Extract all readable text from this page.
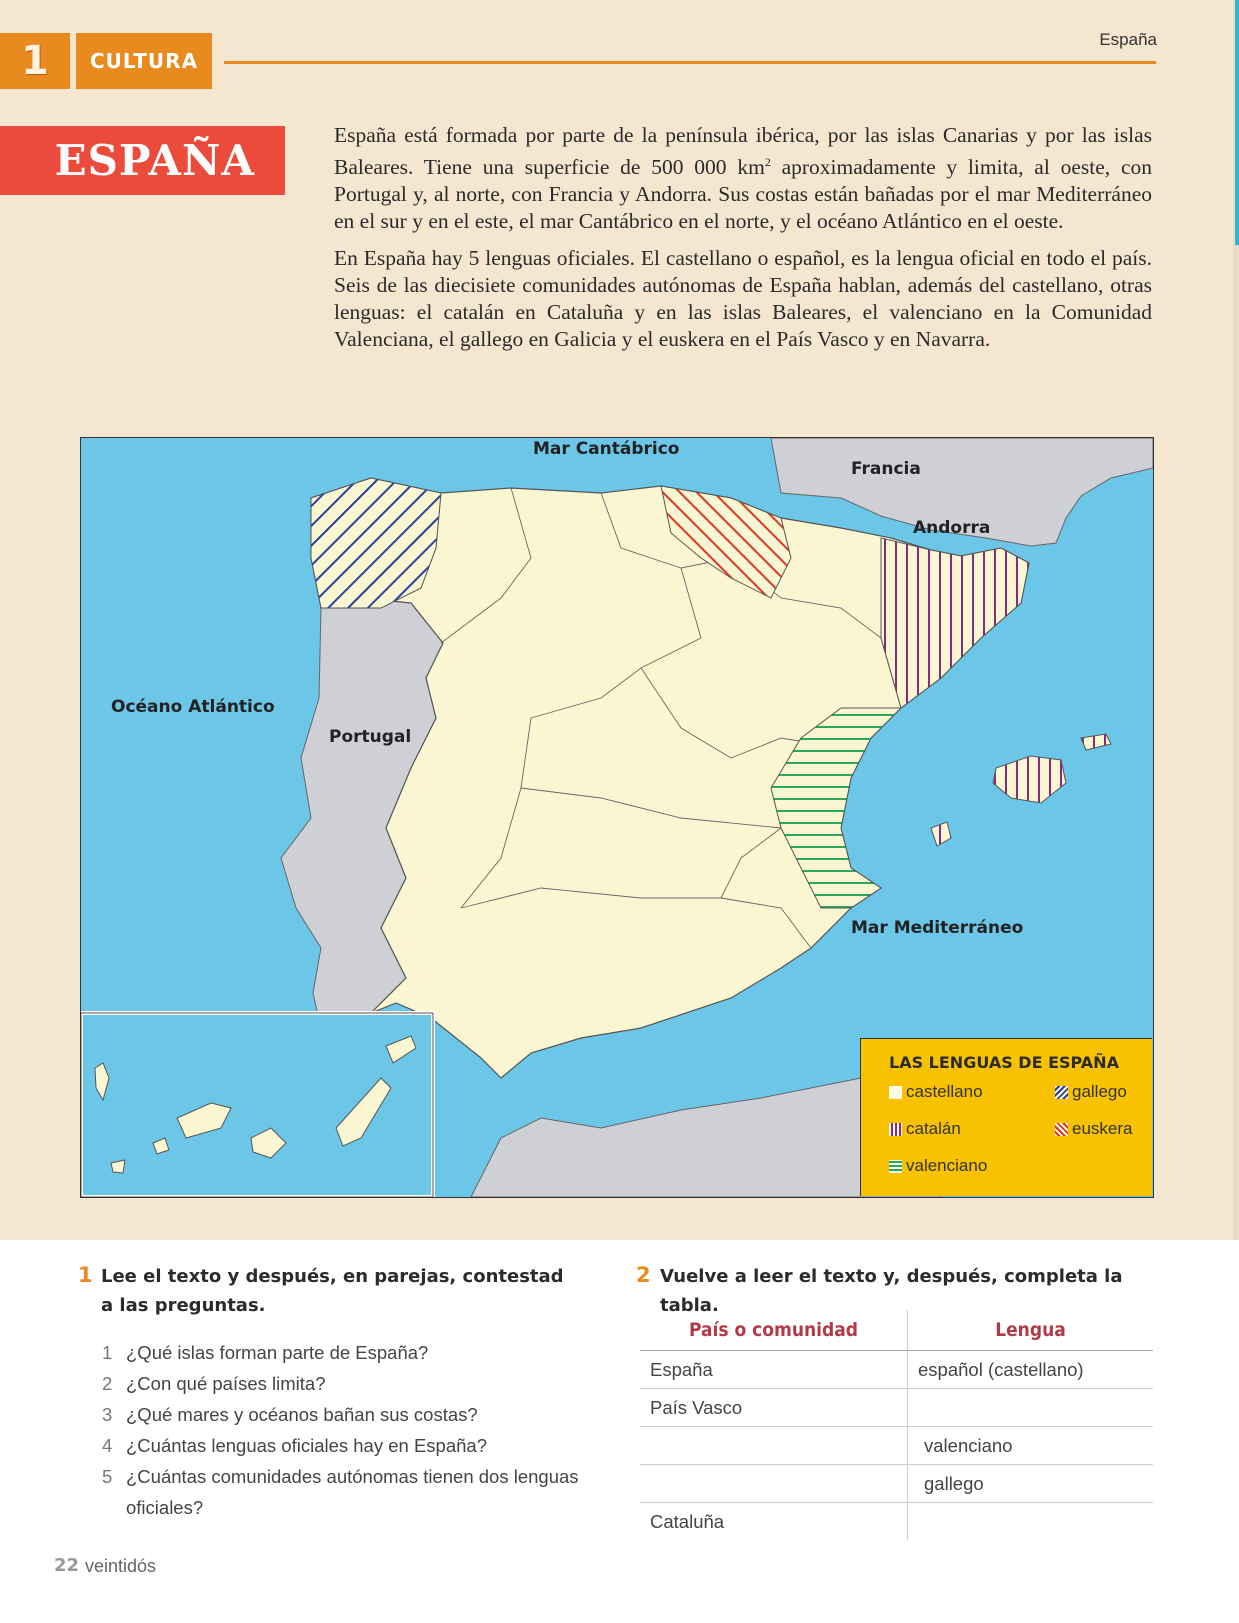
1	CULTURA
España
ESPAÑA

España está formada por parte de la península ibérica, por las islas Canarias y por las islas Baleares. Tiene una superficie de 500 000 $km^2$ aproximadamente y limita, al oeste, con Portugal y, al norte, con Francia y Andorra. Sus costas están bañadas por el mar Mediterráneo en el sur y en el este, el mar Cantábrico en el norte, y el océano Atlántico en el oeste.

En España hay 5 lenguas oficiales. El castellano o español, es la lengua oficial en todo el país. Seis de las diecisiete comunidades autónomas de España hablan, además del castellano, otras lenguas: el catalán en Cataluña y en las islas Baleares, el valenciano en la Comunidad Valenciana, el gallego en Galicia y el euskera en el País Vasco y en Navarra.

Mar Cantábrico
Francia
Andorra
Océano Atlántico
Portugal
Mar Mediterráneo
LAS LENGUAS DE ESPAÑA
castellano	gallego
catalán	euskera
valenciano
1 Lee el texto y después, en parejas, contestad a las preguntas.
1 ¿Qué islas forman parte de España?
2 ¿Con qué países limita?
3 ¿Qué mares y océanos bañan sus costas?
4 ¿Cuántas lenguas oficiales hay en España?
5 ¿Cuántas comunidades autónomas tienen dos lenguas oficiales?
2 Vuelve a leer el texto y, después, completa la tabla.
País o comunidad	Lengua
España	español (castellano)
País Vasco	
	valenciano
	gallego
Cataluña	
22 veintidós
